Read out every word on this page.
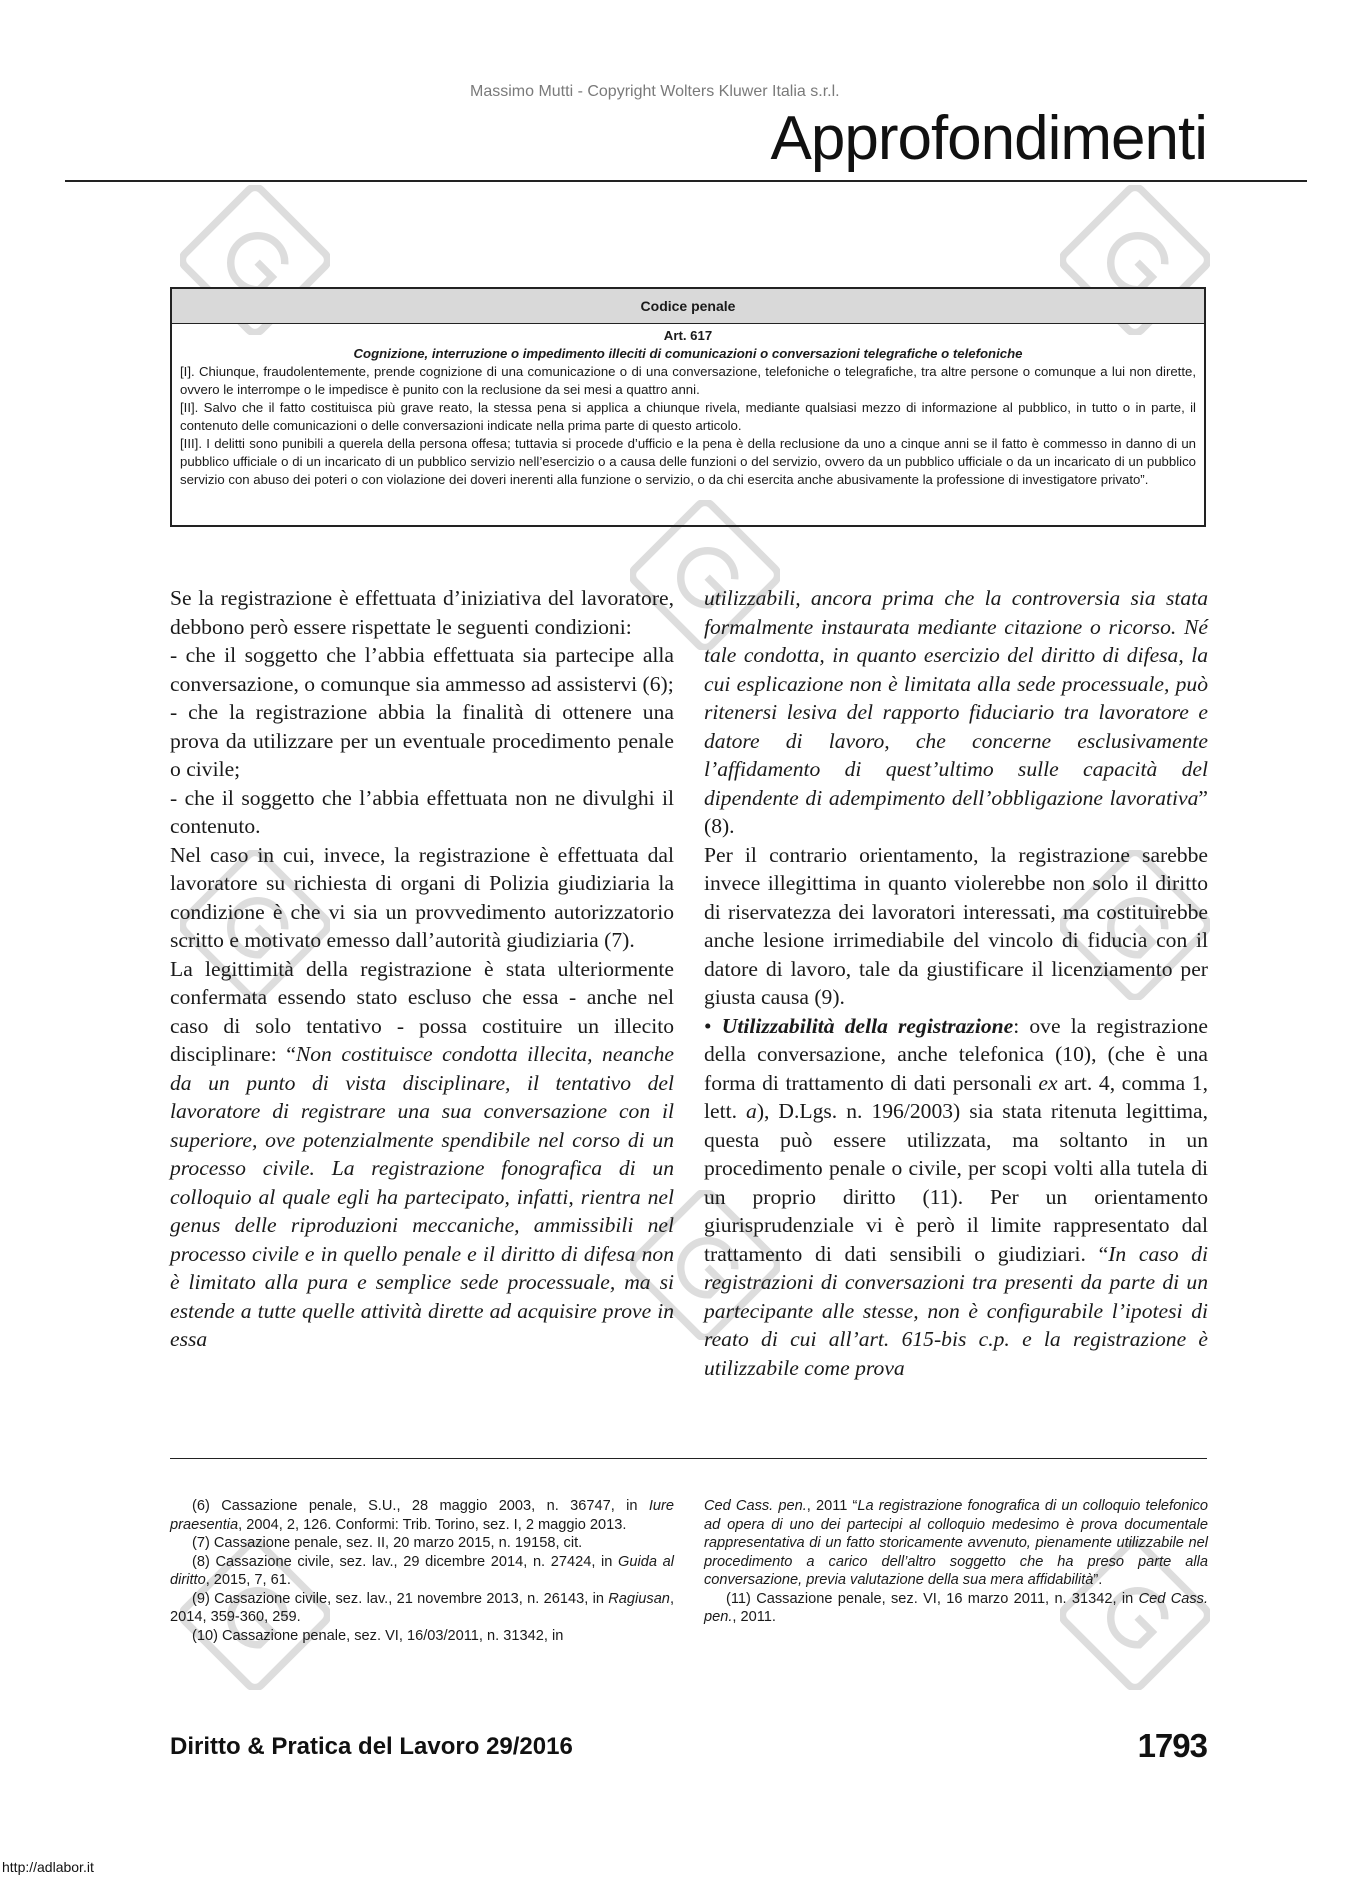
Massimo Mutti - Copyright Wolters Kluwer Italia s.r.l.
Approfondimenti
Codice penale
Art. 617
Cognizione, interruzione o impedimento illeciti di comunicazioni o conversazioni telegrafiche o telefoniche
[I]. Chiunque, fraudolentemente, prende cognizione di una comunicazione o di una conversazione, telefoniche o telegrafiche, tra altre persone o comunque a lui non dirette, ovvero le interrompe o le impedisce è punito con la reclusione da sei mesi a quattro anni.
[II]. Salvo che il fatto costituisca più grave reato, la stessa pena si applica a chiunque rivela, mediante qualsiasi mezzo di informazione al pubblico, in tutto o in parte, il contenuto delle comunicazioni o delle conversazioni indicate nella prima parte di questo articolo.
[III]. I delitti sono punibili a querela della persona offesa; tuttavia si procede d’ufficio e la pena è della reclusione da uno a cinque anni se il fatto è commesso in danno di un pubblico ufficiale o di un incaricato di un pubblico servizio nell’esercizio o a causa delle funzioni o del servizio, ovvero da un pubblico ufficiale o da un incaricato di un pubblico servizio con abuso dei poteri o con violazione dei doveri inerenti alla funzione o servizio, o da chi esercita anche abusivamente la professione di investigatore privato”.

Se la registrazione è effettuata d’iniziativa del lavoratore, debbono però essere rispettate le seguenti condizioni:

- che il soggetto che l’abbia effettuata sia partecipe alla conversazione, o comunque sia ammesso ad assistervi (6);

- che la registrazione abbia la finalità di ottenere una prova da utilizzare per un eventuale procedimento penale o civile;

- che il soggetto che l’abbia effettuata non ne divulghi il contenuto.

Nel caso in cui, invece, la registrazione è effettuata dal lavoratore su richiesta di organi di Polizia giudiziaria la condizione è che vi sia un provvedimento autorizzatorio scritto e motivato emesso dall’autorità giudiziaria (7).

La legittimità della registrazione è stata ulteriormente confermata essendo stato escluso che essa - anche nel caso di solo tentativo - possa costituire un illecito disciplinare: “Non costituisce condotta illecita, neanche da un punto di vista disciplinare, il tentativo del lavoratore di registrare una sua conversazione con il superiore, ove potenzialmente spendibile nel corso di un processo civile. La registrazione fonografica di un colloquio al quale egli ha partecipato, infatti, rientra nel genus delle riproduzioni meccaniche, ammissibili nel processo civile e in quello penale e il diritto di difesa non è limitato alla pura e semplice sede processuale, ma si estende a tutte quelle attività dirette ad acquisire prove in essa

utilizzabili, ancora prima che la controversia sia stata formalmente instaurata mediante citazione o ricorso. Né tale condotta, in quanto esercizio del diritto di difesa, la cui esplicazione non è limitata alla sede processuale, può ritenersi lesiva del rapporto fiduciario tra lavoratore e datore di lavoro, che concerne esclusivamente l’affidamento di quest’ultimo sulle capacità del dipendente di adempimento dell’obbligazione lavorativa” (8).

Per il contrario orientamento, la registrazione sarebbe invece illegittima in quanto violerebbe non solo il diritto di riservatezza dei lavoratori interessati, ma costituirebbe anche lesione irrimediabile del vincolo di fiducia con il datore di lavoro, tale da giustificare il licenziamento per giusta causa (9).

• Utilizzabilità della registrazione: ove la registrazione della conversazione, anche telefonica (10), (che è una forma di trattamento di dati personali ex art. 4, comma 1, lett. a), D.Lgs. n. 196/2003) sia stata ritenuta legittima, questa può essere utilizzata, ma soltanto in un procedimento penale o civile, per scopi volti alla tutela di un proprio diritto (11). Per un orientamento giurisprudenziale vi è però il limite rappresentato dal trattamento di dati sensibili o giudiziari. “In caso di registrazioni di conversazioni tra presenti da parte di un partecipante alle stesse, non è configurabile l’ipotesi di reato di cui all’art. 615-bis c.p. e la registrazione è utilizzabile come prova

(6) Cassazione penale, S.U., 28 maggio 2003, n. 36747, in Iure praesentia, 2004, 2, 126. Conformi: Trib. Torino, sez. I, 2 maggio 2013.

(7) Cassazione penale, sez. II, 20 marzo 2015, n. 19158, cit.

(8) Cassazione civile, sez. lav., 29 dicembre 2014, n. 27424, in Guida al diritto, 2015, 7, 61.

(9) Cassazione civile, sez. lav., 21 novembre 2013, n. 26143, in Ragiusan, 2014, 359-360, 259.

(10) Cassazione penale, sez. VI, 16/03/2011, n. 31342, in

Ced Cass. pen., 2011 “La registrazione fonografica di un colloquio telefonico ad opera di uno dei partecipi al colloquio medesimo è prova documentale rappresentativa di un fatto storicamente avvenuto, pienamente utilizzabile nel procedimento a carico dell’altro soggetto che ha preso parte alla conversazione, previa valutazione della sua mera affidabilità”.

(11) Cassazione penale, sez. VI, 16 marzo 2011, n. 31342, in Ced Cass. pen., 2011.

Diritto & Pratica del Lavoro 29/2016	1793
http://adlabor.it
